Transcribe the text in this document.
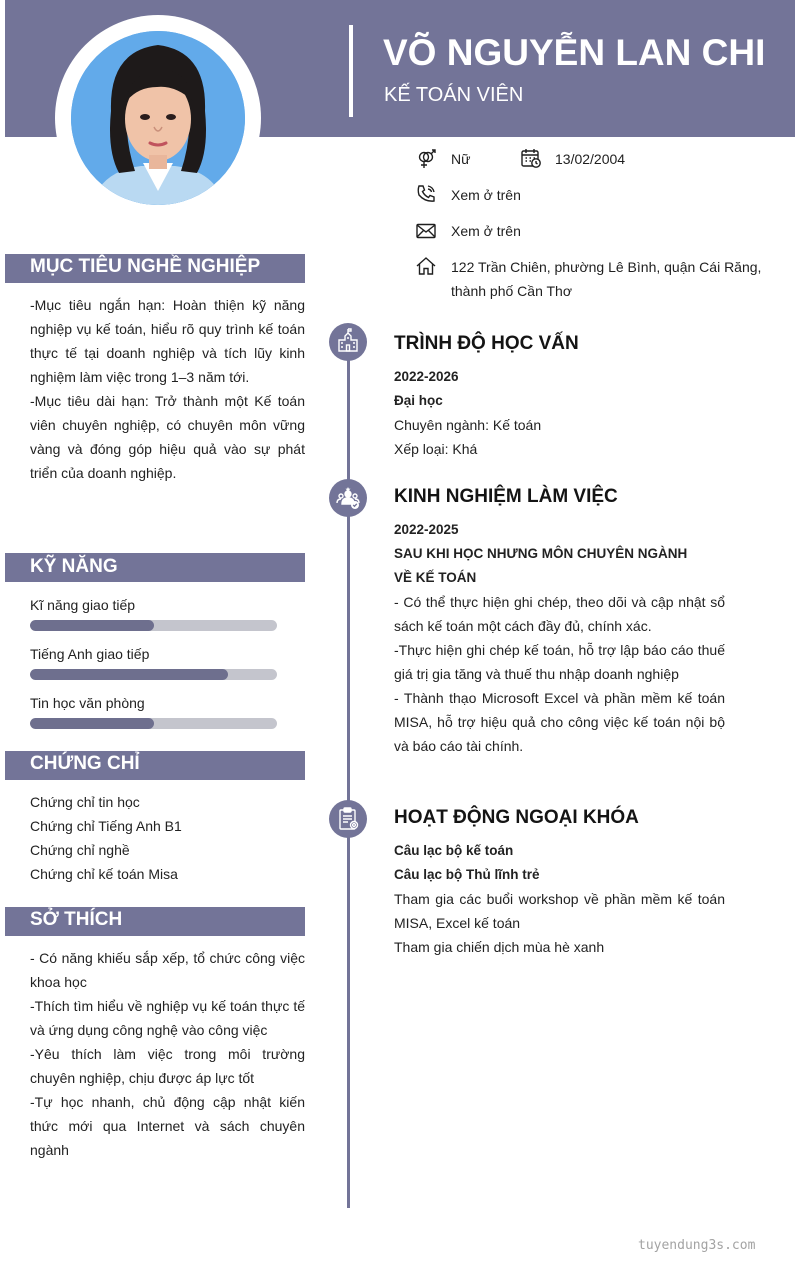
VÕ NGUYỄN LAN CHI
KẾ TOÁN VIÊN
Nữ	13/02/2004
Xem ở trên
Xem ở trên
122 Trần Chiên, phường Lê Bình, quận Cái Răng,
thành phố Cần Thơ
MỤC TIÊU NGHỀ NGHIỆP

-Mục tiêu ngắn hạn: Hoàn thiện kỹ năng nghiệp vụ kế toán, hiểu rõ quy trình kế toán thực tế tại doanh nghiệp và tích lũy kinh nghiệm làm việc trong 1–3 năm tới.

-Mục tiêu dài hạn: Trở thành một Kế toán viên chuyên nghiệp, có chuyên môn vững vàng và đóng góp hiệu quả vào sự phát triển của doanh nghiệp.

KỸ NĂNG
Kĩ năng giao tiếp
Tiếng Anh giao tiếp
Tin học văn phòng
CHỨNG CHỈ
Chứng chỉ tin học
Chứng chỉ Tiếng Anh B1
Chứng chỉ nghề
Chứng chỉ kế toán Misa
SỞ THÍCH

- Có năng khiếu sắp xếp, tổ chức công việc khoa học

-Thích tìm hiểu về nghiệp vụ kế toán thực tế và ứng dụng công nghệ vào công việc

-Yêu thích làm việc trong môi trường chuyên nghiệp, chịu được áp lực tốt

-Tự học nhanh, chủ động cập nhật kiến thức mới qua Internet và sách chuyên ngành

TRÌNH ĐỘ HỌC VẤN
2022-2026
Đại học
Chuyên ngành: Kế toán
Xếp loại: Khá
KINH NGHIỆM LÀM VIỆC
2022-2025
SAU KHI HỌC NHƯNG MÔN CHUYÊN NGÀNH
VỀ KẾ TOÁN
- Có thể thực hiện ghi chép, theo dõi và cập nhật sổ sách kế toán một cách đầy đủ, chính xác.
-Thực hiện ghi chép kế toán, hỗ trợ lập báo cáo thuế giá trị gia tăng và thuế thu nhập doanh nghiệp
- Thành thạo Microsoft Excel và phần mềm kế toán MISA, hỗ trợ hiệu quả cho công việc kế toán nội bộ và báo cáo tài chính.
HOẠT ĐỘNG NGOẠI KHÓA
Câu lạc bộ kế toán
Câu lạc bộ Thủ lĩnh trẻ
Tham gia các buổi workshop về phần mềm kế toán MISA, Excel kế toán
Tham gia chiến dịch mùa hè xanh
tuyendung3s.com
